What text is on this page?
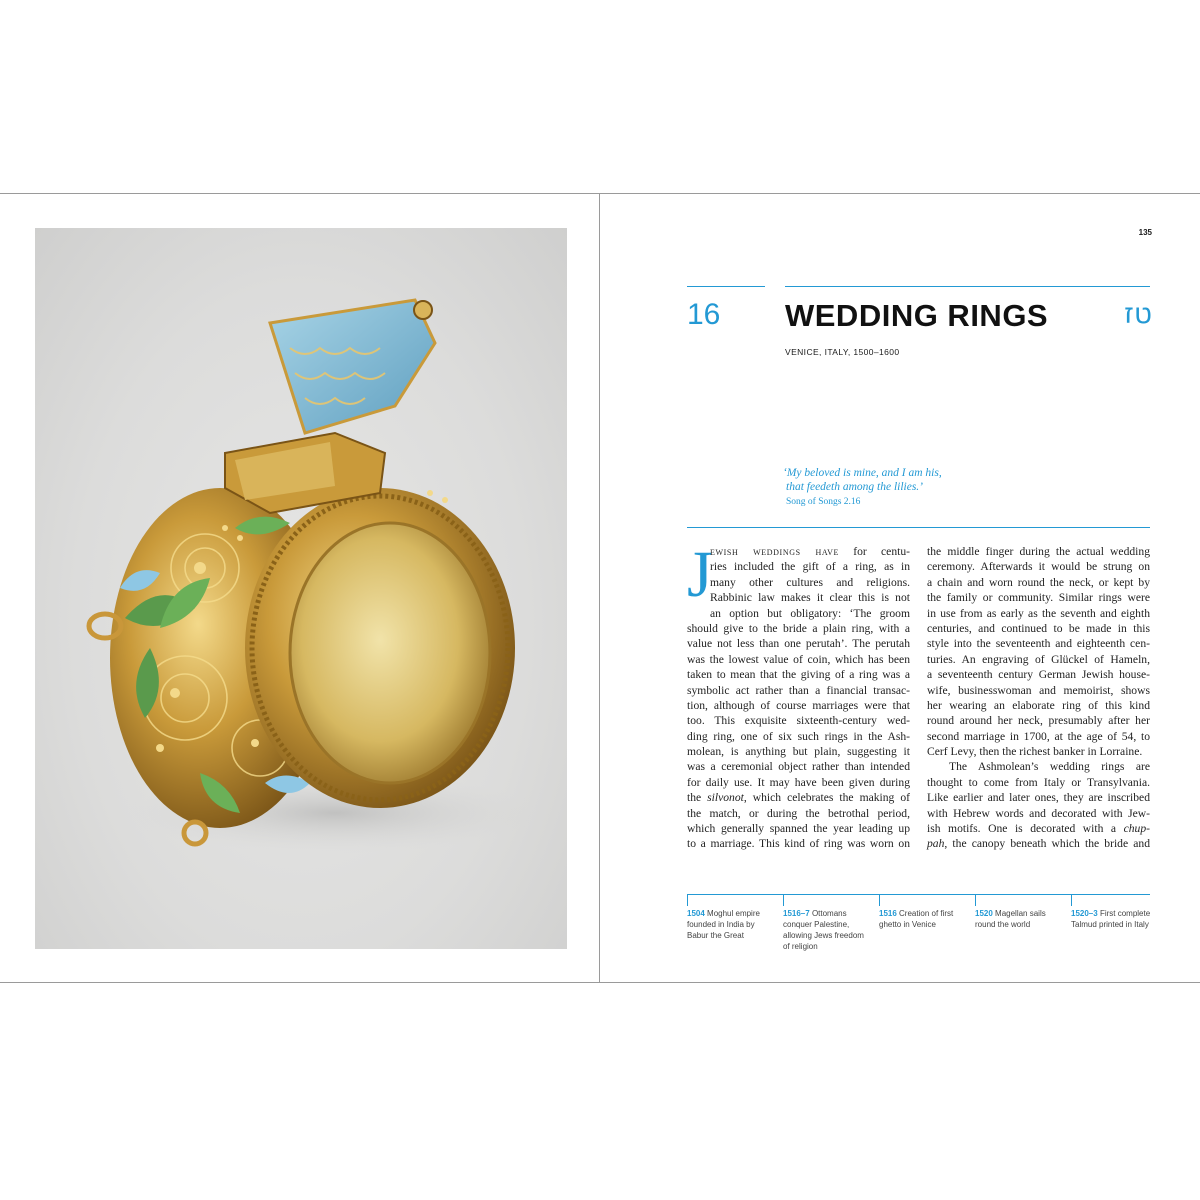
135
16 WEDDING RINGS	טז
VENICE, ITALY, 1500–1600
‘My beloved is mine, and I am his,
that feedeth among the lilies.’
Song of Songs 2.16
J
ewish weddings have for centu-
ries included the gift of a ring, as in
many other cultures and religions.
Rabbinic law makes it clear this is not
an option but obligatory: ‘The groom
should give to the bride a plain ring, with a
value not less than one perutah’. The perutah
was the lowest value of coin, which has been
taken to mean that the giving of a ring was a
symbolic act rather than a financial transac-
tion, although of course marriages were that
too. This exquisite sixteenth-century wed-
ding ring, one of six such rings in the Ash-
molean, is anything but plain, suggesting it
was a ceremonial object rather than intended
for daily use. It may have been given during
the silvonot, which celebrates the making of
the match, or during the betrothal period,
which generally spanned the year leading up
to a marriage. This kind of ring was worn on
the middle finger during the actual wedding
ceremony. Afterwards it would be strung on
a chain and worn round the neck, or kept by
the family or community. Similar rings were
in use from as early as the seventh and eighth
centuries, and continued to be made in this
style into the seventeenth and eighteenth cen-
turies. An engraving of Glückel of Hameln,
a seventeenth century German Jewish house-
wife, businesswoman and memoirist, shows
her wearing an elaborate ring of this kind
round around her neck, presumably after her
second marriage in 1700, at the age of 54, to
Cerf Levy, then the richest banker in Lorraine.
The Ashmolean’s wedding rings are
thought to come from Italy or Transylvania.
Like earlier and later ones, they are inscribed
with Hebrew words and decorated with Jew-
ish motifs. One is decorated with a chup-
pah, the canopy beneath which the bride and
1504 Moghul empire founded in India by Babur the Great
1516–7 Ottomans conquer Palestine, allowing Jews freedom of religion
1516 Creation of first ghetto in Venice
1520 Magellan sails round the world
1520–3 First complete Talmud printed in Italy
